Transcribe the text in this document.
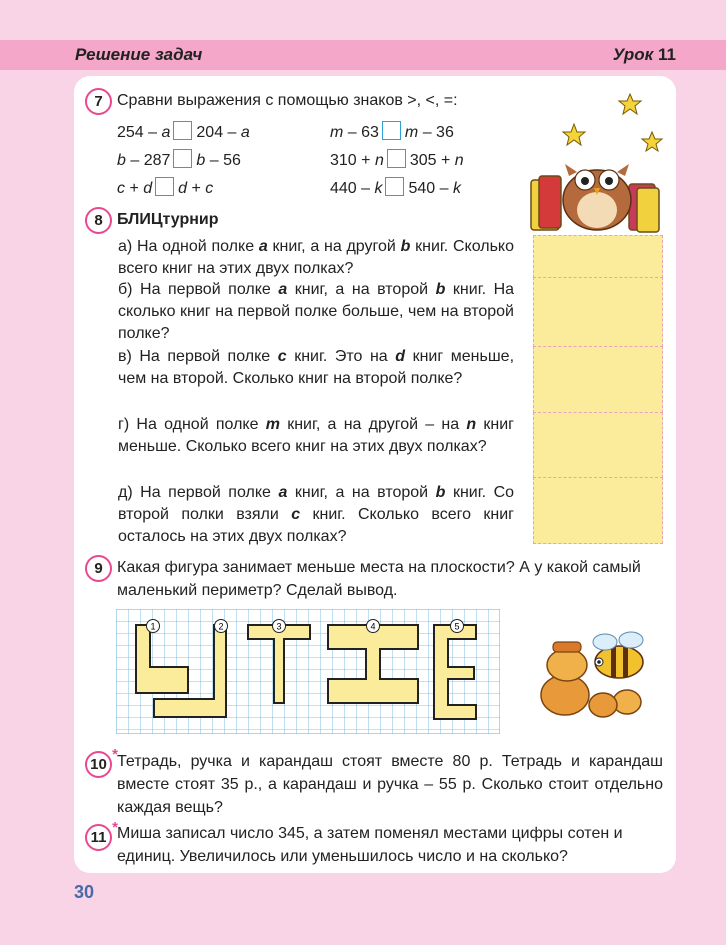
Решение задач	Урок 11
7 Сравни выражения с помощью знаков >, <, =:
254 – a 204 – a	m – 63 m – 36
b – 287 b – 56	310 + n 305 + n
c + d d + c	440 – k 540 – k
8 БЛИЦтурнир
а) На одной полке a книг, а на другой b книг. Сколько всего книг на этих двух полках?
б) На первой полке a книг, а на второй b книг. На сколько книг на первой полке больше, чем на второй полке?
в) На первой полке c книг. Это на d книг меньше, чем на второй. Сколько книг на второй полке?
г) На одной полке m книг, а на другой – на n книг меньше. Сколько всего книг на этих двух полках?
д) На первой полке a книг, а на второй b книг. Со второй полки взяли c книг. Сколько всего книг осталось на этих двух полках?
9 Какая фигура занимает меньше места на плоскости? А у какой самый маленький периметр? Сделай вывод.
1	2	3	4	5
10
* Тетрадь, ручка и карандаш стоят вместе 80 р. Тетрадь и карандаш вместе стоят 35 р., а карандаш и ручка – 55 р. Сколько стоит отдельно каждая вещь?
11
* Миша записал число 345, а затем поменял местами цифры сотен и единиц. Увеличилось или уменьшилось число и на сколько?
30
